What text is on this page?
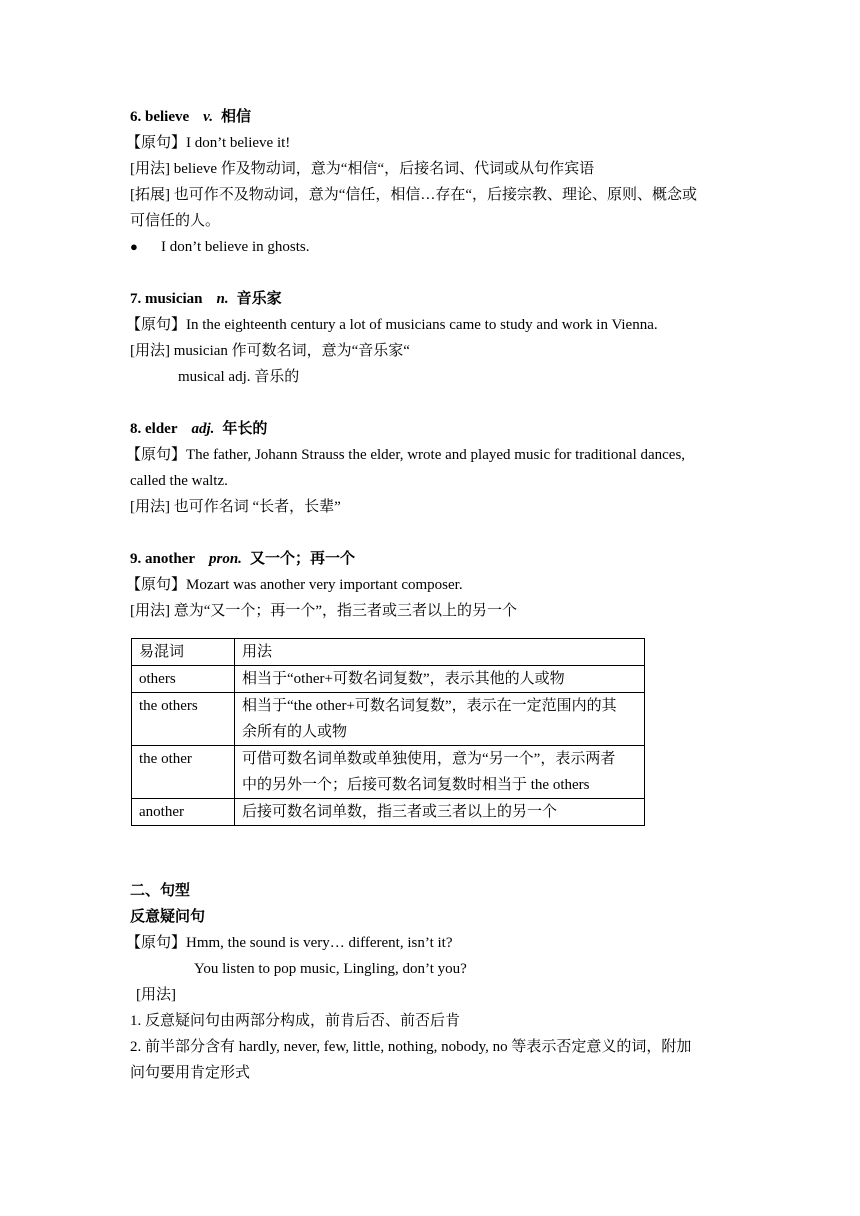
6. believe v. 相信
【原句】I don’t believe it!
[用法] believe 作及物动词，意为“相信“，后接名词、代词或从句作宾语
[拓展] 也可作不及物动词，意为“信任，相信…存在“，后接宗教、理论、原则、概念或
可信任的人。
●	I don’t believe in ghosts.
7. musician n. 音乐家
【原句】In the eighteenth century a lot of musicians came to study and work in Vienna.
[用法] musician 作可数名词，意为“音乐家“
musical adj. 音乐的
8. elder adj. 年长的
【原句】The father, Johann Strauss the elder, wrote and played music for traditional dances,
called the waltz.
[用法] 也可作名词 “长者，长辈”
9. another pron. 又一个；再一个
【原句】Mozart was another very important composer.
[用法] 意为“又一个；再一个”，指三者或三者以上的另一个
易混词	用法
others	相当于“other+可数名词复数”，表示其他的人或物

the others	相当于“the other+可数名词复数”，表示在一定范围内的其
余所有的人或物

the other	可借可数名词单数或单独使用，意为“另一个”，表示两者
中的另外一个；后接可数名词复数时相当于 the others

another	后接可数名词单数，指三者或三者以上的另一个
二、句型
反意疑问句
【原句】Hmm, the sound is very… different, isn’t it?
You listen to pop music, Lingling, don’t you?
[用法]
1. 反意疑问句由两部分构成，前肯后否、前否后肯
2. 前半部分含有 hardly, never, few, little, nothing, nobody, no 等表示否定意义的词，附加
问句要用肯定形式
